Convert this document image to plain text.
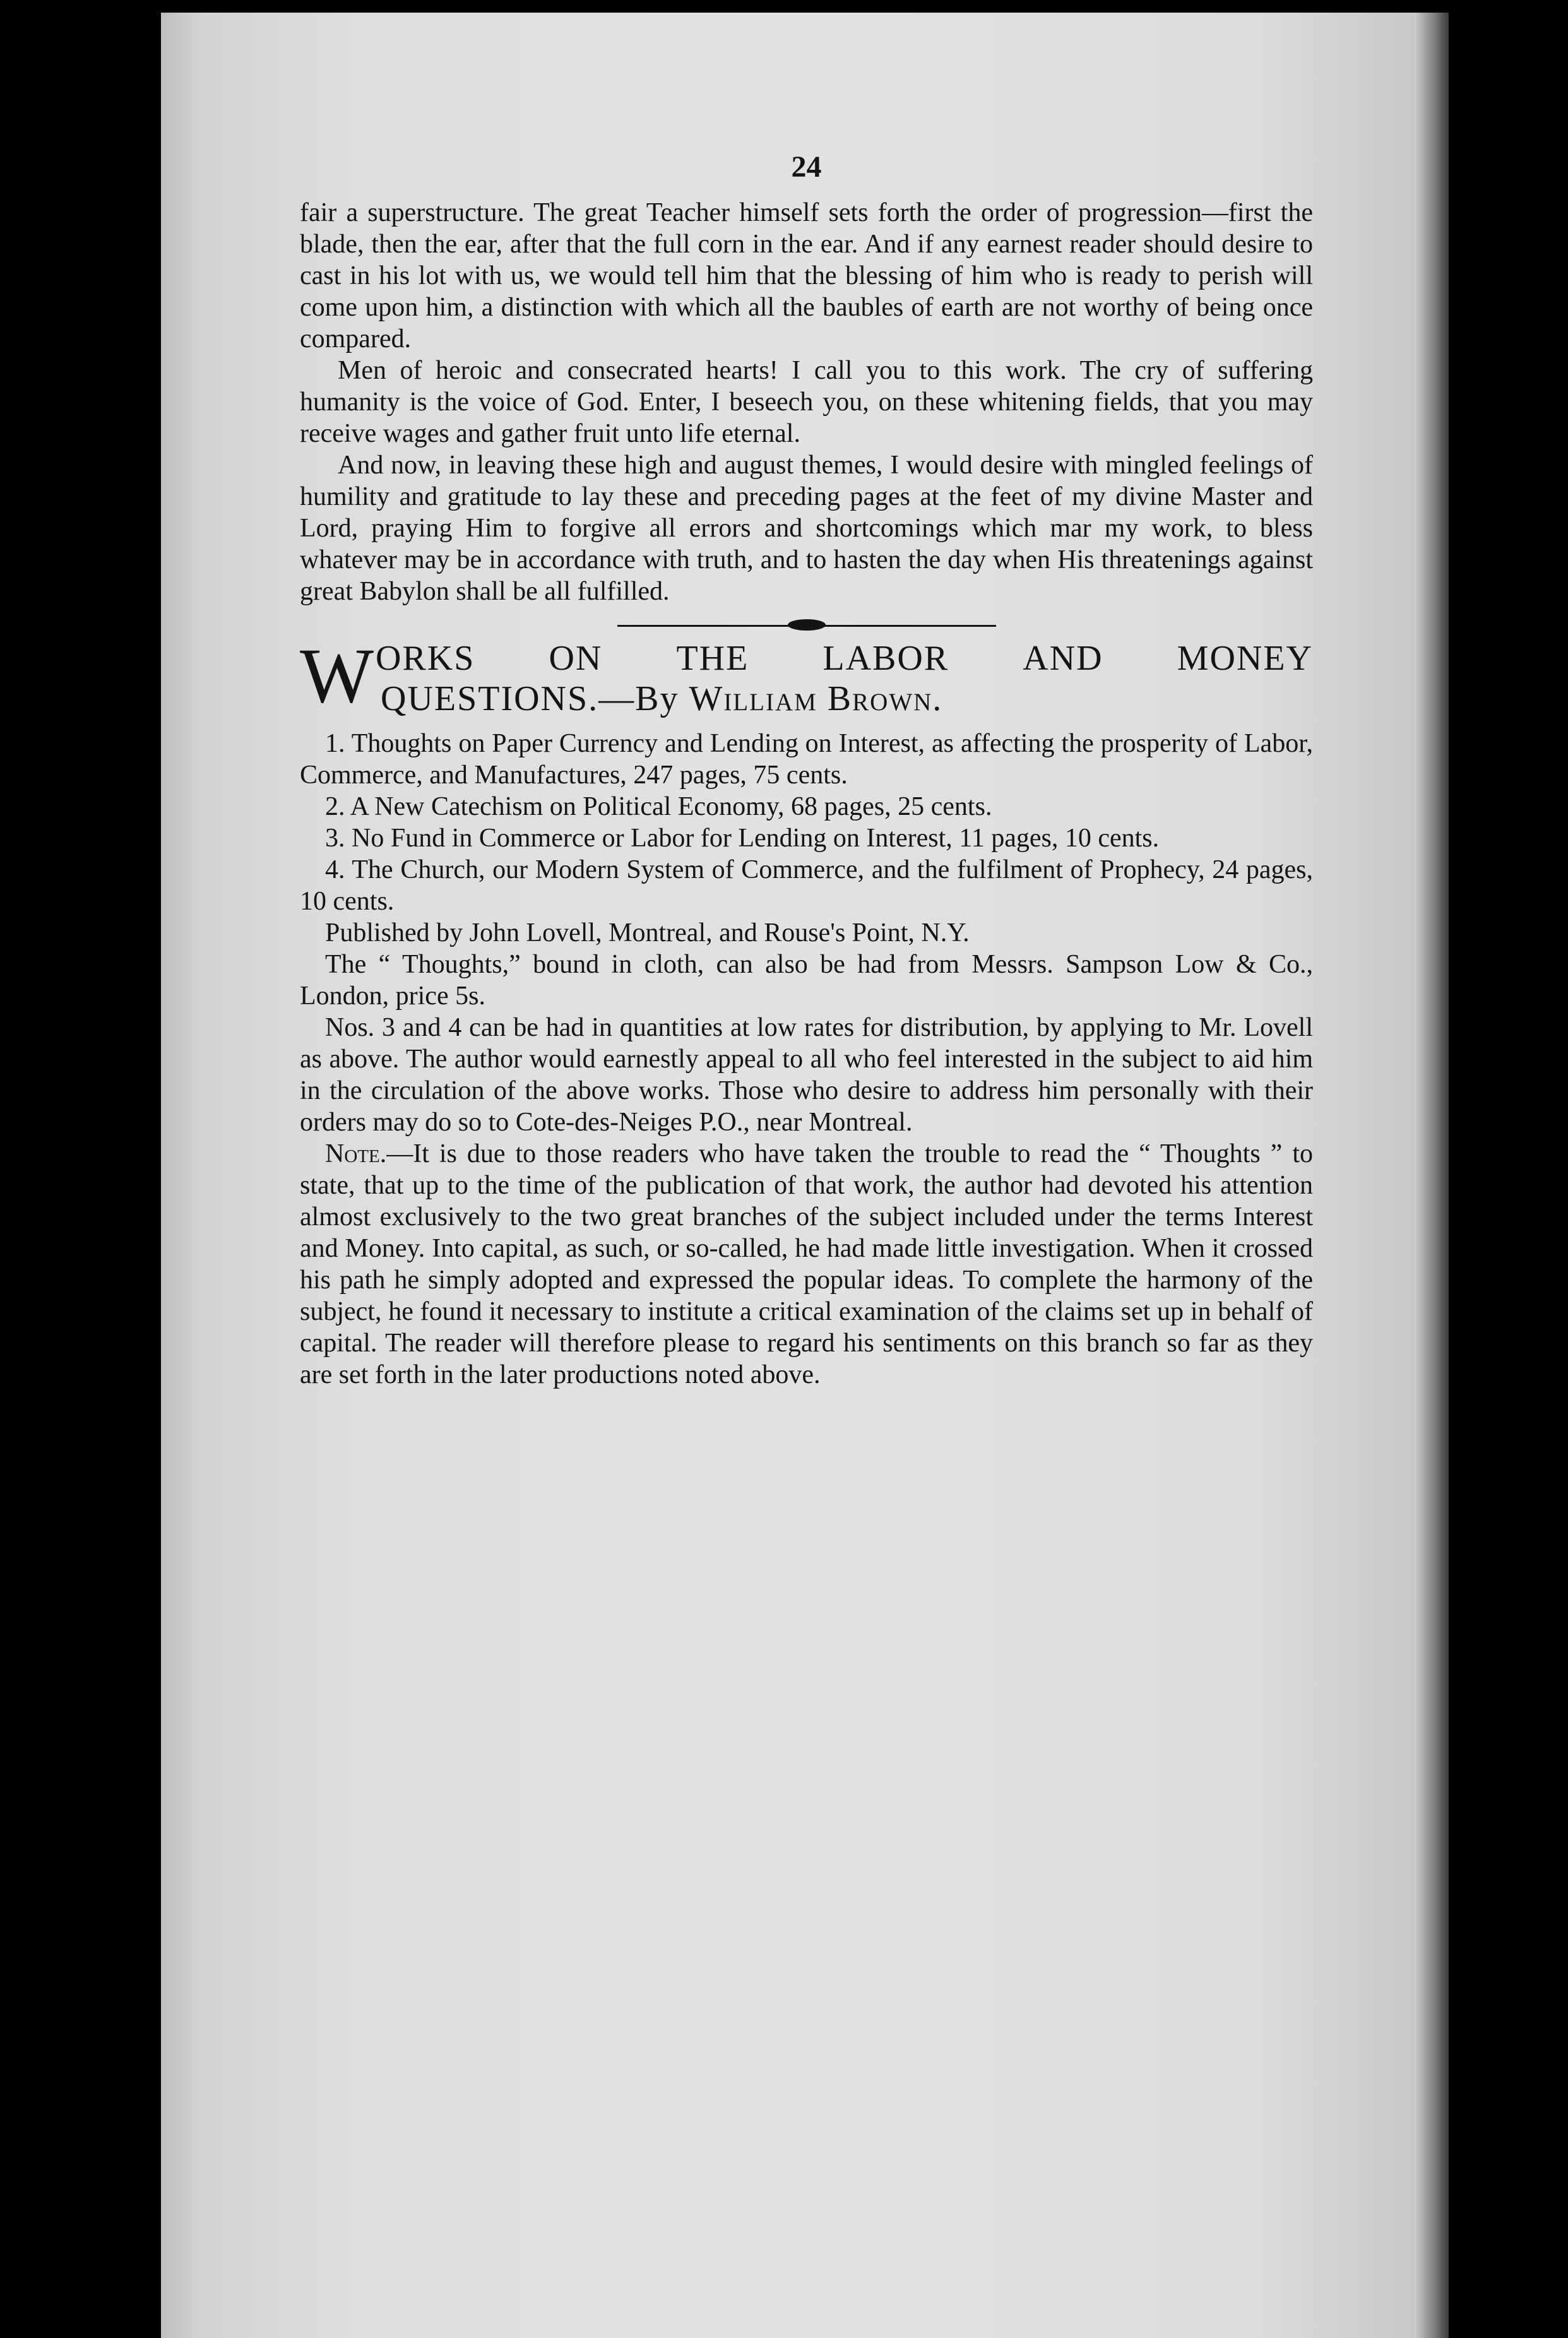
24

fair a superstructure. The great Teacher himself sets forth the order of progression—first the blade, then the ear, after that the full corn in the ear. And if any earnest reader should desire to cast in his lot with us, we would tell him that the blessing of him who is ready to perish will come upon him, a distinction with which all the baubles of earth are not worthy of being once compared.

Men of heroic and consecrated hearts! I call you to this work. The cry of suffering humanity is the voice of God. Enter, I beseech you, on these whitening fields, that you may receive wages and gather fruit unto life eternal.

And now, in leaving these high and august themes, I would desire with mingled feelings of humility and gratitude to lay these and preceding pages at the feet of my divine Master and Lord, praying Him to forgive all errors and shortcomings which mar my work, to bless whatever may be in accordance with truth, and to hasten the day when His threatenings against great Babylon shall be all fulfilled.

W ORKS ON THE LABOR AND MONEY
QUESTIONS.—By William Brown.

1. Thoughts on Paper Currency and Lending on Interest, as affecting the prosperity of Labor, Commerce, and Manufactures, 247 pages, 75 cents.

2. A New Catechism on Political Economy, 68 pages, 25 cents.

3. No Fund in Commerce or Labor for Lending on Interest, 11 pages, 10 cents.

4. The Church, our Modern System of Commerce, and the fulfilment of Prophecy, 24 pages, 10 cents.

Published by John Lovell, Montreal, and Rouse's Point, N.Y.

The “ Thoughts,” bound in cloth, can also be had from Messrs. Sampson Low & Co., London, price 5s.

Nos. 3 and 4 can be had in quantities at low rates for distribution, by applying to Mr. Lovell as above. The author would earnestly appeal to all who feel interested in the subject to aid him in the circulation of the above works. Those who desire to address him personally with their orders may do so to Cote-des-Neiges P.O., near Montreal.

Note.—It is due to those readers who have taken the trouble to read the “ Thoughts ” to state, that up to the time of the publication of that work, the author had devoted his attention almost exclusively to the two great branches of the subject included under the terms Interest and Money. Into capital, as such, or so-called, he had made little investigation. When it crossed his path he simply adopted and expressed the popular ideas. To complete the harmony of the subject, he found it necessary to institute a critical examination of the claims set up in behalf of capital. The reader will therefore please to regard his sentiments on this branch so far as they are set forth in the later productions noted above.
